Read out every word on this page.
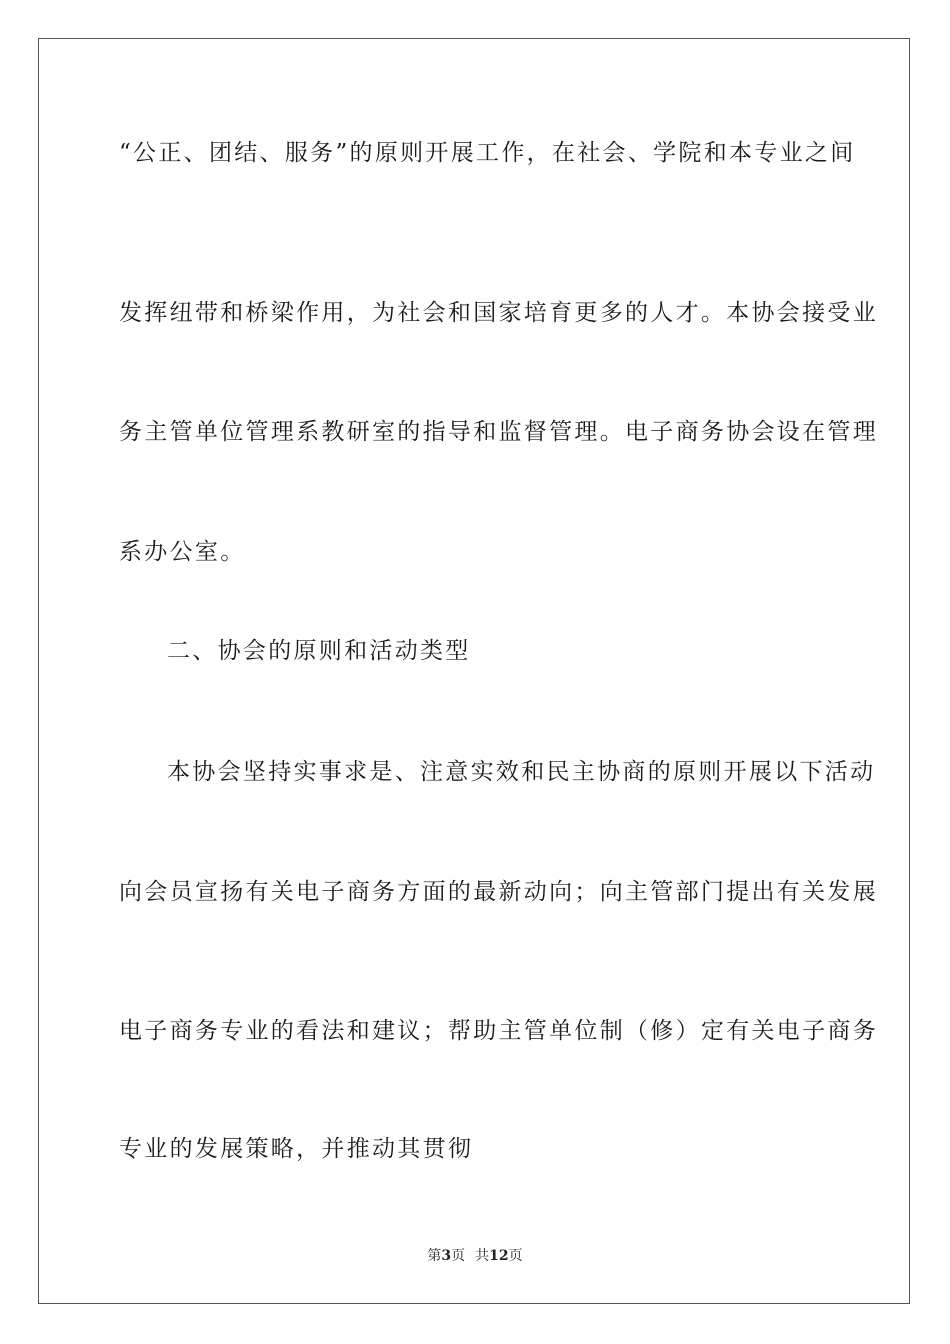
“公正、团结、服务”的原则开展工作，在社会、学院和本专业之间

发挥纽带和桥梁作用，为社会和国家培育更多的人才。本协会接受业

务主管单位管理系教研室的指导和监督管理。电子商务协会设在管理

系办公室。

二、协会的原则和活动类型

本协会坚持实事求是、注意实效和民主协商的原则开展以下活动

向会员宣扬有关电子商务方面的最新动向；向主管部门提出有关发展

电子商务专业的看法和建议；帮助主管单位制（修）定有关电子商务

专业的发展策略，并推动其贯彻

第3页 共12页
